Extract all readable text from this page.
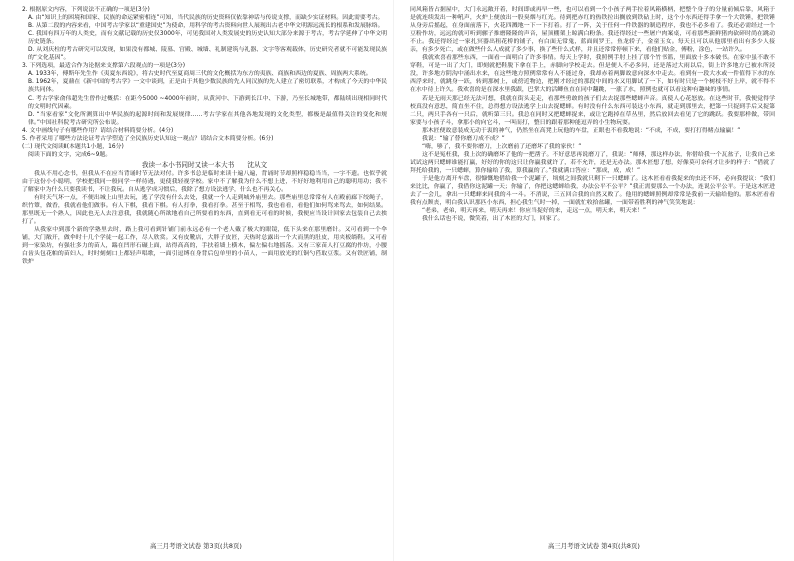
2. 根据原文内容，下列说法不正确的一项是(3分)

A. 由“知识上的困境和国家、民族的命运紧密相连”可知，当代民族的历史资料仅依靠神话与传说支撑，而缺少实证材料。因此需要考古。

B. 从第二段的内容来看，中国考古学家以“重建国史”为使命，用科学的考古资料向世人展现出古老中华文明源远流长的根系和发展脉络。

C. 我国有四万年的人类史，而有文献记载的历史仅3000年，可见我国对人类发展史的历史认知大部分来源于考古，考古学延伸了中华文明历史链条。

D. 从刘庆柱的考古研究可以发现，如果没有都城、陵墓、宫殿、城墙、礼制建筑与礼器、文字等客观载体，历史研究者就不可能发现民族的“文化基因”。

3. 下列选项，最适合作为论据来支撑第六段观点的一项是(3分)

A. 1933年，傅斯年先生作《夷夏东西说》，将古史时代至夏商周三代的文化概括为东方的夷族、商族和西边的夏族、周族两大系统。

B. 1962年，夏鼐在《新中国的考古学》一文中谈到，正是由于其他少数民族的先人同汉族的先人建立了密切联系，才构成了今天的中华民族共同体。

C. 考古学家俞伟超先生曾作过概括：在距今5000 ~4000年前时，从黄河中、下游到长江中、下游，乃至长城地带，都陆续出现相同时代的文明时代因素。

D. “当家看家”文化所测算出中华民族的起源时间和发展规律……考古学家在其他各地发现的文化类型，都极是最值得关注的变化和规律。”中国社科院考古研究所公布说。

4. 文中画线句子有哪些作用？请结合材料简要分析。(4分)

5. 作者采用了哪些方法论证考古学塑造了全民族历史认知这一观点？请结合文本简要分析。(6分)

(二) 现代文阅读Ⅱ(本题共1小题，16分)

阅读下面的文字，完成6~9题。

我读一本小书同时又读一本大书　　沈从文

我从不用心念书，但我从不在应当背诵时节无法对付。许多书总是临时来读十遍八遍，背诵时节却照样稳稳当当，一字不遗。也似乎就由于这份小小聪明，学校把我同一般同学一样待遇，更使我轻视学校。家中不了解我为什么不想上进，不好好地利用自己的聪明用功；我不了解家中为什么只要我读书，不让我玩。自从逃学成习惯后，我除了想方设法逃学，什么也不再关心。

有时天气坏一点，不便出城上山里去玩，逃了学没有什么去处，我就一个人走到城外庙里去。那些庙里总常常有人在殿前廊下绞绳子，织竹簟，做香，我就看他们做事。有人下棋，我看下棋。有人打拳，我看打拳。甚至于相骂，我也看看，看他们如何骂来骂去，如何结果。那里既无一个熟人，因此也无人去注意我，我就随心所欲地看自己所要看的东西，直到看无可看的时候，我便应当设计回家去包装自己去挨打了。

从我家中到那个新的学塾里去时，路上我可看到针铺门前永远必有一个老人戴了极大的眼镜，低下头来在那里磨针。又可看到一个伞铺，大门敞开，做伞时十几个学徒一起工作，尽人欣赏。又有皮靴店，大胖子皮匠，天热时总露出一个大而黑的肚皮，用夹板绱鞋。又可看到一家染坊，有强壮多力的苗人，踹在凹形石碾上面，站得高高的，手扶着墙上横木，偏左偏右地摇荡。又有三家苗人打豆腐的作坊，小腰白齿头包花帕的苗妇人，时时刻刻口上都轻声唱歌，一面引逗缚在身背后包单里的小苗人，一面用放光的红铜勺舀取豆浆。又有铁匠铺，制铁炉

同风箱皆占据屋中，大门永远敞开着，时间即或再早一些，也可以看到一个小孩子两手拉着风箱横柄，把整个身子的分量前倾后靠，风箱于是就连续发出一种吼声，火炉上便放出一股臭烟与红光。待到把赤红的热铁拉出搁放到铁砧上时，这个小东西还得手拿一个大铁锤，把铁锤从身旁后摇起，在身面前落下，火花四溅地一下一下打着。打了一阵，关于任何一件铁器的制造程序，我也不必多看了。我还必需经过一个豆粉作坊，远远的就可听到骡子推磨隆隆的声音，屋顶棚架上晾满白粉条。我还得经过一些屠户肉案桌，可看那些新鲜猪肉砍碎时尚在跳动不止。我还得经过一家扎冥器出租花桥的铺子，有白面无常鬼，蓝面阎罗王，鱼龙轿子，金童玉女。每天且可以从他那里看出有多少人接亲，有多少死亡，或在做些什么人成就了多少事，换了些什么式样，并且还常常停顿下来，看他们贴金，傅粉，涂色，一站许久。

我就欢喜看那些东西，一面看一面明白了许多事情。每天上学时，我照例手肘上挂了那个竹书篮，里面放十多本破书。在家中虽不敢不穿鞋，可是一出了大门，即刻就把鞋脱下拿在手上，赤脚向学校走去。但是便人不必多问，还是落过大雨以后，街上许多地方已被水所浸没，许多地方阴沟中涌出水来，在这些地方照例常常有人不能过身，我却赤着两脚故意向深水中走去。看到有一段大水或一件值得下水的东西浮来时，就跳身一跃，转到那树上，或傍近物边，把刚才经过的那段中间的水又用脚试了一下，如有时只是一个树枝不好上岸，就不得不在水中待上许久。我欢喜的是在深水里我跟，巴掌大的活鲫鱼直在同中翻跳，一涨了水，照例也就可以看这种有趣味的事情。

若是无雨天那已经无法可想，我就在街头走走，看那些勇敢的孩子们去去捉那些蟋蟀声音。真使人心花怒放。在这些时节，我便觉得学校真没有意思，简直坐不住，总得想方设法逃学上山去捉蟋蟀。有时没有什么东西可装这小东西，就走到那里去，把第一只捉到手后又捉第二只，两只手各有一只后，就听第三只。我总在同时又把蟋蟀捉来，或让它跑掉在草丛里，然后放回去看见了它的跳跃。我要那样做，带回家要与小孩子斗，拿那小的向它斗，一叫而打，整日的跟着那种能逗弄的小生物玩耍。

那木匠便故意装成无动于衷的神气，仍然坐在高凳上玩他的车盘，正眼也不看我地说：“不成，不成，要打打得赌点输赢！”

我说：“输了替你磨刀成不成？”

“嗨，够了，我不要你磨刀，上次磨前了还磨坏了我的家伙！”

这不是冤枉我，我上次的确磨坏了他的一把凿子。不好意思再说磨刀了，我说：“师傅，那这样办法，你借给我一个瓦盆子，让我自己来试试这两只蟋蟀谁能打赢，好好的你的这只让你赢我就许了，若不允许，还是无办法。那木匠想了想，好像莫可奈何才让步的样子：“借就了拜托给我的，一只蟋蟀，算你输给了我，算我赢的了。”我就满口答应：“那成，成，成！”

于是他方离开车盘，很慷慨地借给我一个泥罐子，顷刻之间我就只剩下一只蟋蟀了。这木匠看看我捉来的虫还不坏，必向我提议：“我们来比比，你赢了，我借你这泥罐一天；你输了，你把这蟋蟀给我，办法公平不公平？”我正需要那么一个办法，连说公平公平。于是这木匠进去了一会儿，拿出一只蟋蟀来同我的斗一斗。不消说，三五回合我的自然又败了。他用的蟋蟀照例却常常是我前一天输给他的。那木匠看看我有点颓丧，明白我认识那匹小东西，担心我生气时一掉，一面就忙收拾盆罐，一面带着胜利的神气笑笑地说：

“老弟，老弟，明天再来，明天再来！你应当捉好的来，走远一点，明天来，明天来！”

我什么话也不说，微笑着，出了木匠的大门，回家了。

高三月考语文试卷 第3页(共8页)	高三月考语文试卷 第4页(共8页)
